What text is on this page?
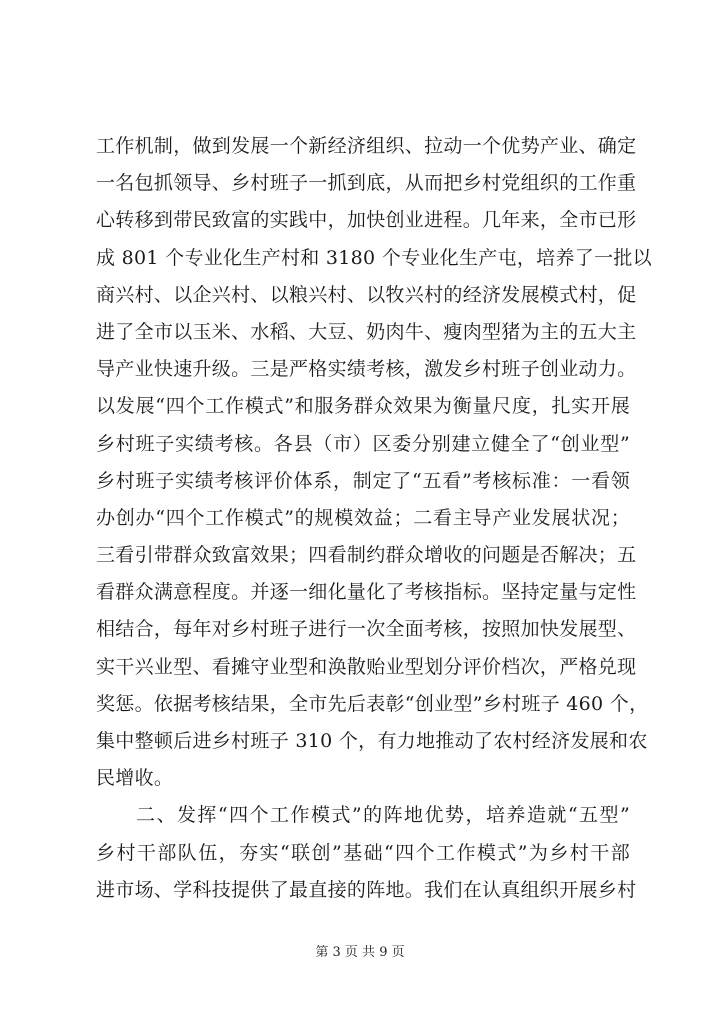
工作机制，做到发展一个新经济组织、拉动一个优势产业、确定
一名包抓领导、乡村班子一抓到底，从而把乡村党组织的工作重
心转移到带民致富的实践中，加快创业进程。几年来，全市已形
成 801 个专业化生产村和 3180 个专业化生产屯，培养了一批以
商兴村、以企兴村、以粮兴村、以牧兴村的经济发展模式村，促
进了全市以玉米、水稻、大豆、奶肉牛、瘦肉型猪为主的五大主
导产业快速升级。三是严格实绩考核，激发乡村班子创业动力。
以发展“四个工作模式”和服务群众效果为衡量尺度，扎实开展
乡村班子实绩考核。各县（市）区委分别建立健全了“创业型”
乡村班子实绩考核评价体系，制定了“五看”考核标准：一看领
办创办“四个工作模式”的规模效益；二看主导产业发展状况；
三看引带群众致富效果；四看制约群众增收的问题是否解决；五
看群众满意程度。并逐一细化量化了考核指标。坚持定量与定性
相结合，每年对乡村班子进行一次全面考核，按照加快发展型、
实干兴业型、看摊守业型和涣散贻业型划分评价档次，严格兑现
奖惩。依据考核结果，全市先后表彰“创业型”乡村班子 460 个，
集中整顿后进乡村班子 310 个，有力地推动了农村经济发展和农
民增收。
二、发挥“四个工作模式”的阵地优势，培养造就“五型”
乡村干部队伍，夯实“联创”基础“四个工作模式”为乡村干部
进市场、学科技提供了最直接的阵地。我们在认真组织开展乡村
第 3 页 共 9 页
